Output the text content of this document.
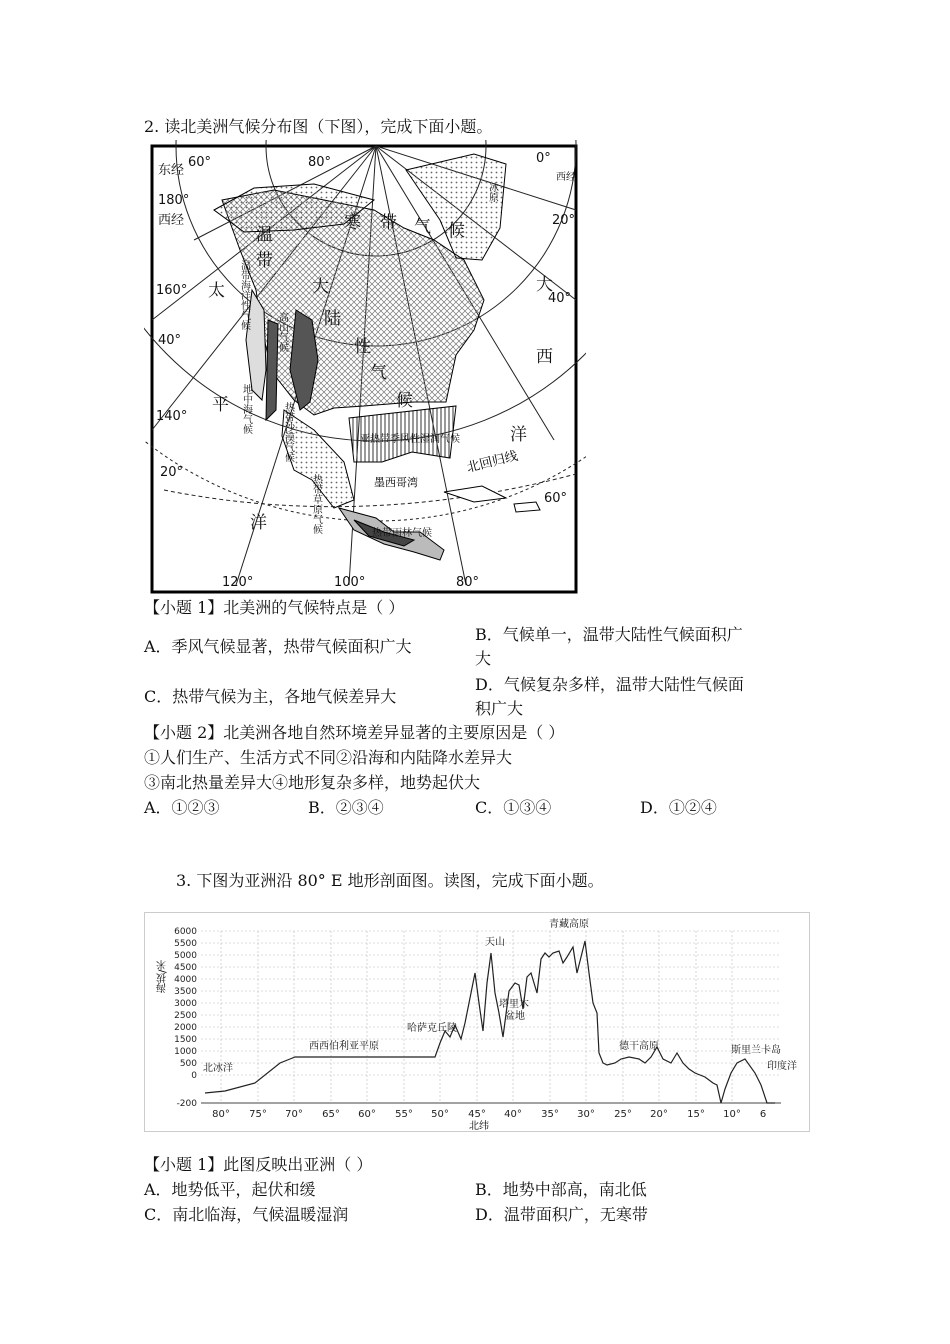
2. 读北美洲气候分布图（下图），完成下面小题。
60°	80°	0°
东经
180°
西经
160°
40°
140°
20°
120°	100°	80°
60°
20°
40°
西经
寒 带 气 候
温
带
大
陆
性
气
候
温带海洋性气候
高山气候
地中海气候	热带沙漠气候
热带草原气候
亚热带季风性湿润气候
热带雨林气候
冰原
太
平
洋
大
西
洋
北回归线
墨西哥湾
【小题 1】北美洲的气候特点是（ ）
A．季风气候显著，热带气候面积广大
B．气候单一，温带大陆性气候面积广
大
C．热带气候为主，各地气候差异大
D．气候复杂多样，温带大陆性气候面
积广大
【小题 2】北美洲各地自然环境差异显著的主要原因是（ ）
①人们生产、生活方式不同②沿海和内陆降水差异大
③南北热量差异大④地形复杂多样，地势起伏大
A．①②③	B．②③④	C．①③④	D．①②④
3. 下图为亚洲沿 80° E 地形剖面图。读图，完成下面小题。
6000
5500
5000
4500
4000
3500
3000
2500
2000
1500
1000
500
0
-200
80° 75° 70° 65° 60° 55° 50° 45° 40° 35° 30° 25° 20° 15° 10° 6
海拔/米
北纬
青藏高原
天山
塔里木
盆地
哈萨克丘陵
西西伯利亚平原
北冰洋
德干高原	斯里兰卡岛
印度洋
【小题 1】此图反映出亚洲（ ）
A．地势低平，起伏和缓	B．地势中部高，南北低
C．南北临海，气候温暖湿润	D．温带面积广，无寒带
